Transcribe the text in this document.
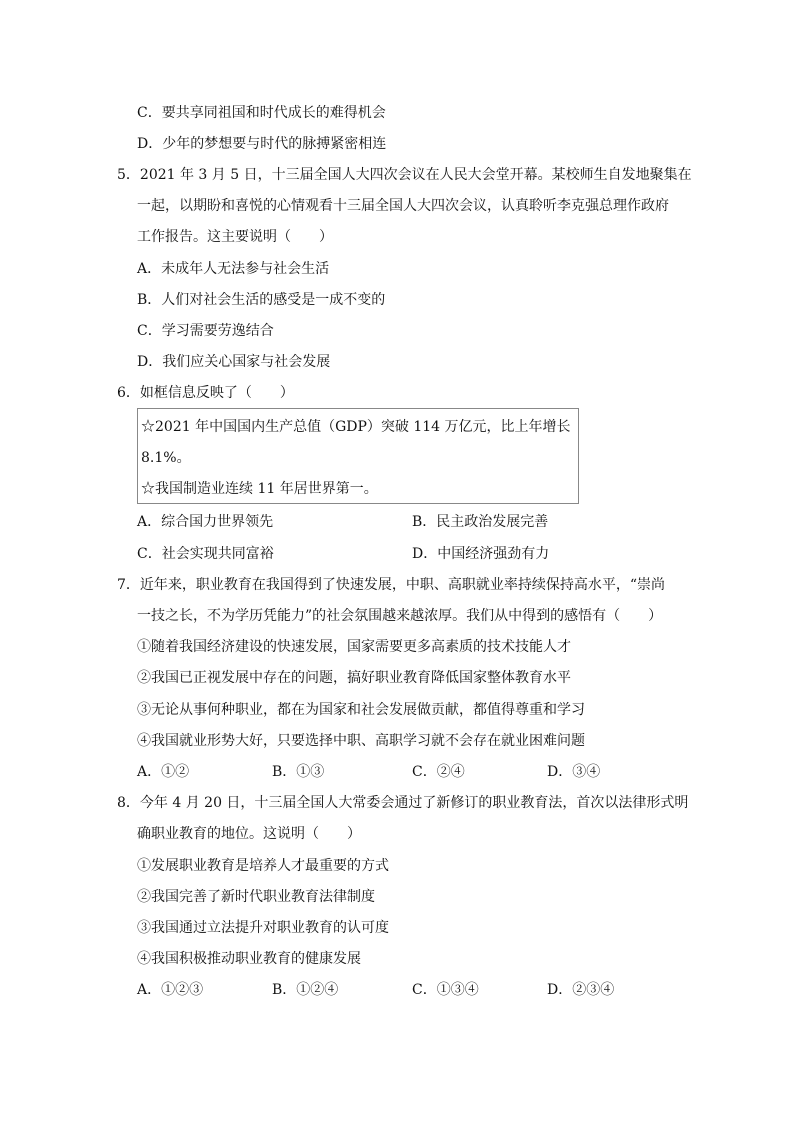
C．要共享同祖国和时代成长的难得机会
D．少年的梦想要与时代的脉搏紧密相连
5．2021 年 3 月 5 日，十三届全国人大四次会议在人民大会堂开幕。某校师生自发地聚集在
一起，以期盼和喜悦的心情观看十三届全国人大四次会议，认真聆听李克强总理作政府
工作报告。这主要说明（　　）
A．未成年人无法参与社会生活
B．人们对社会生活的感受是一成不变的
C．学习需要劳逸结合
D．我们应关心国家与社会发展
6．如框信息反映了（　　）
☆2021 年中国国内生产总值（GDP）突破 114 万亿元，比上年增长
8.1%。
☆我国制造业连续 11 年居世界第一。
A．综合国力世界领先	B．民主政治发展完善
C．社会实现共同富裕	D．中国经济强劲有力
7．近年来，职业教育在我国得到了快速发展，中职、高职就业率持续保持高水平，“崇尚
一技之长，不为学历凭能力”的社会氛围越来越浓厚。我们从中得到的感悟有（　　）
①随着我国经济建设的快速发展，国家需要更多高素质的技术技能人才
②我国已正视发展中存在的问题，搞好职业教育降低国家整体教育水平
③无论从事何种职业，都在为国家和社会发展做贡献，都值得尊重和学习
④我国就业形势大好，只要选择中职、高职学习就不会存在就业困难问题
A．①②	B．①③	C．②④	D．③④
8．今年 4 月 20 日，十三届全国人大常委会通过了新修订的职业教育法，首次以法律形式明
确职业教育的地位。这说明（　　）
①发展职业教育是培养人才最重要的方式
②我国完善了新时代职业教育法律制度
③我国通过立法提升对职业教育的认可度
④我国积极推动职业教育的健康发展
A．①②③	B．①②④	C．①③④	D．②③④
